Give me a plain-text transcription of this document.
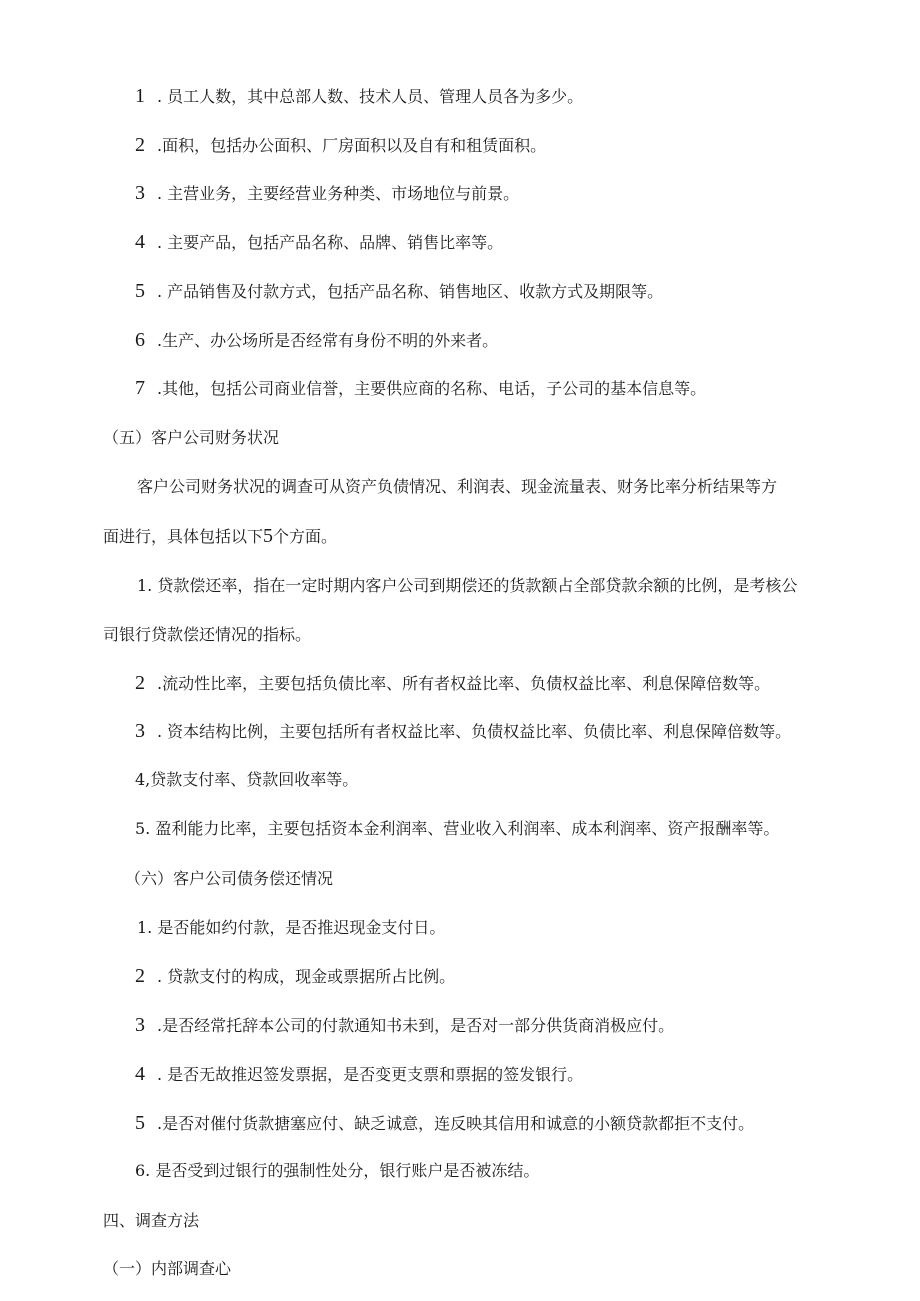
1 . 员工人数，其中总部人数、技术人员、管理人员各为多少。
2 .面积，包括办公面积、厂房面积以及自有和租赁面积。
3 . 主营业务，主要经营业务种类、市场地位与前景。
4 . 主要产品，包括产品名称、品牌、销售比率等。
5 . 产品销售及付款方式，包括产品名称、销售地区、收款方式及期限等。
6 .生产、办公场所是否经常有身份不明的外来者。
7 .其他，包括公司商业信誉，主要供应商的名称、电话，子公司的基本信息等。
（五）客户公司财务状况
客户公司财务状况的调查可从资产负债情况、利润表、现金流量表、财务比率分析结果等方
面进行，具体包括以下5个方面。
1. 贷款偿还率，指在一定时期内客户公司到期偿还的货款额占全部贷款余额的比例，是考核公
司银行贷款偿还情况的指标。
2 .流动性比率，主要包括负债比率、所有者权益比率、负债权益比率、利息保障倍数等。
3 . 资本结构比例，主要包括所有者权益比率、负债权益比率、负债比率、利息保障倍数等。
4,贷款支付率、贷款回收率等。
5. 盈利能力比率，主要包括资本金利润率、营业收入利润率、成本利润率、资产报酬率等。
（六）客户公司债务偿还情况
1. 是否能如约付款，是否推迟现金支付日。
2 . 贷款支付的构成，现金或票据所占比例。
3 .是否经常托辞本公司的付款通知书未到，是否对一部分供货商消极应付。
4 . 是否无故推迟签发票据，是否变更支票和票据的签发银行。
5 .是否对催付货款搪塞应付、缺乏诚意，连反映其信用和诚意的小额贷款都拒不支付。
6. 是否受到过银行的强制性处分，银行账户是否被冻结。
四、调查方法
（一）内部调查心
